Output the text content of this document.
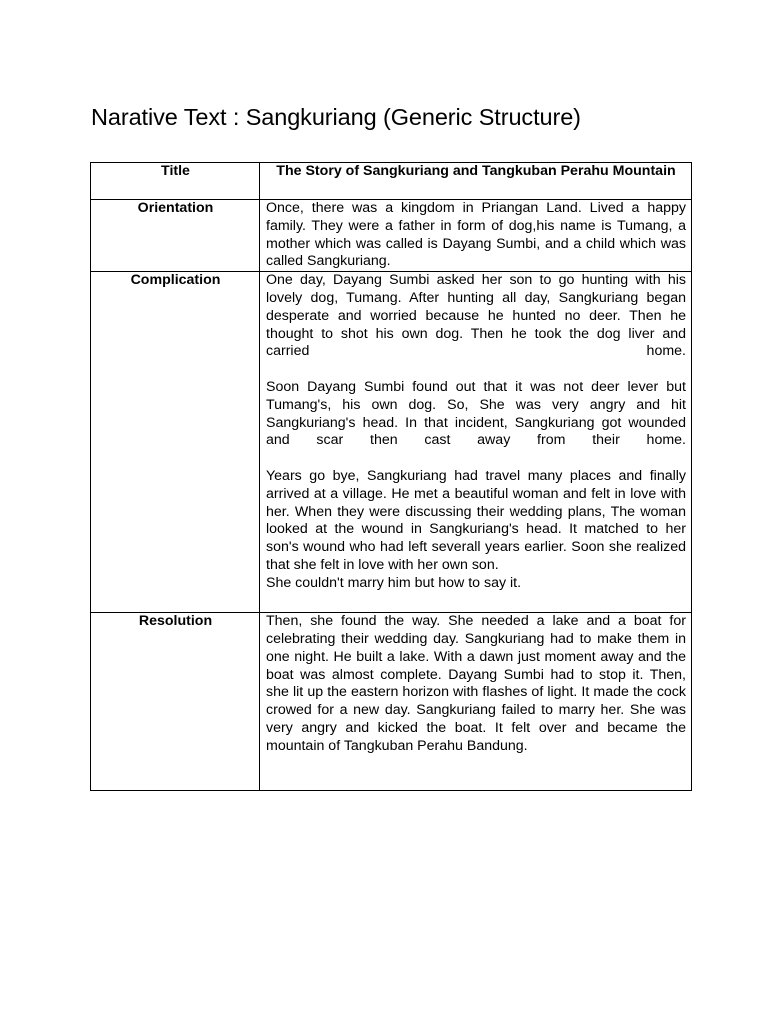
Narative Text : Sangkuriang (Generic Structure)
Title	The Story of Sangkuriang and Tangkuban Perahu Mountain
Orientation	Once, there was a kingdom in Priangan Land. Lived a happy family. They were a father in form of dog,his name is Tumang, a mother which was called is Dayang Sumbi, and a child which was called Sangkuriang.

Complication	One day, Dayang Sumbi asked her son to go hunting with his lovely dog, Tumang. After hunting all day, Sangkuriang began desperate and worried because he hunted no deer. Then he thought to shot his own dog. Then he took the dog liver and carried home.

Soon Dayang Sumbi found out that it was not deer lever but Tumang's, his own dog. So, She was very angry and hit Sangkuriang's head. In that incident, Sangkuriang got wounded and scar then cast away from their home.

Years go bye, Sangkuriang had travel many places and finally arrived at a village. He met a beautiful woman and felt in love with her. When they were discussing their wedding plans, The woman looked at the wound in Sangkuriang's head. It matched to her son's wound who had left severall years earlier. Soon she realized that she felt in love with her own son.

She couldn't marry him but how to say it.

Resolution	Then, she found the way. She needed a lake and a boat for celebrating their wedding day. Sangkuriang had to make them in one night. He built a lake. With a dawn just moment away and the boat was almost complete. Dayang Sumbi had to stop it. Then, she lit up the eastern horizon with flashes of light. It made the cock crowed for a new day. Sangkuriang failed to marry her. She was very angry and kicked the boat. It felt over and became the mountain of Tangkuban Perahu Bandung.
